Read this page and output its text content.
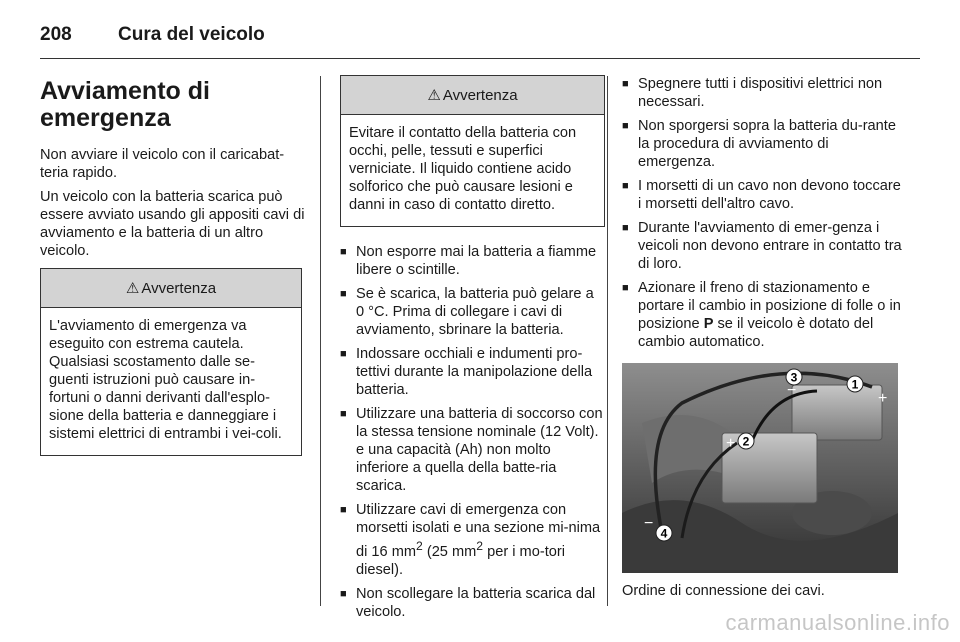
208 Cura del veicolo
Avviamento di emergenza

Non avviare il veicolo con il caricabat-teria rapido.

Un veicolo con la batteria scarica può essere avviato usando gli appositi cavi di avviamento e la batteria di un altro veicolo.

⚠ Avvertenza
L'avviamento di emergenza va eseguito con estrema cautela. Qualsiasi scostamento dalle se-guenti istruzioni può causare in-fortuni o danni derivanti dall'esplo-sione della batteria e danneggiare i sistemi elettrici di entrambi i vei-coli.
⚠ Avvertenza
Evitare il contatto della batteria con occhi, pelle, tessuti e superfici verniciate. Il liquido contiene acido solforico che può causare lesioni e danni in caso di contatto diretto.
■ Non esporre mai la batteria a fiamme libere o scintille.
■ Se è scarica, la batteria può gelare a 0 °C. Prima di collegare i cavi di avviamento, sbrinare la batteria.
■ Indossare occhiali e indumenti pro-tettivi durante la manipolazione della batteria.
■ Utilizzare una batteria di soccorso con la stessa tensione nominale (12 Volt). e una capacità (Ah) non molto inferiore a quella della batte-ria scarica.
■ Utilizzare cavi di emergenza con morsetti isolati e una sezione mi-nima di 16 $mm^2$ (25 $mm^2$ per i mo-tori diesel).
■ Non scollegare la batteria scarica dal veicolo.
■ Spegnere tutti i dispositivi elettrici non necessari.
■ Non sporgersi sopra la batteria du-rante la procedura di avviamento di emergenza.
■ I morsetti di un cavo non devono toccare i morsetti dell'altro cavo.
■ Durante l'avviamento di emer-genza i veicoli non devono entrare in contatto tra di loro.
■ Azionare il freno di stazionamento e portare il cambio in posizione di folle o in posizione P se il veicolo è dotato del cambio automatico.
1
2
3
4
+
+
−
−
Ordine di connessione dei cavi.
carmanualsonline.info
